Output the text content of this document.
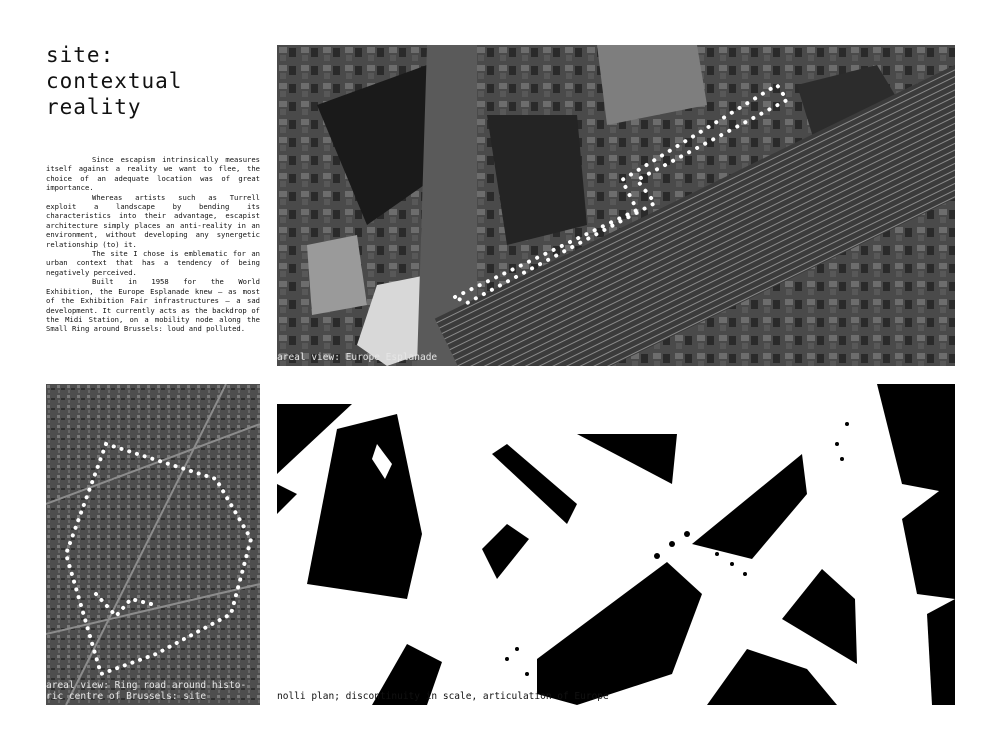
site:
contextual
reality

Since escapism intrinsically measures itself against a reality we want to flee, the choice of an adequate location was of great importance.

Whereas artists such as Turrell exploit a landscape by bending its characteristics into their advantage, escapist architecture simply places an anti-reality in an environment, without developing any synergetic relationship (to) it.

The site I chose is emblematic for an urban context that has a tendency of being negatively perceived.

Built in 1958 for the World Exhibition, the Europe Esplanade knew – as most of the Exhibition Fair infrastructures – a sad development. It currently acts as the backdrop of the Midi Station, on a mobility node along the Small Ring around Brussels: loud and polluted.

areal view: Europe Esplanade
areal view: Ring road around histo-
ric centre of Brussels: site	nolli plan; discontinuity in scale, articulation of Europe
